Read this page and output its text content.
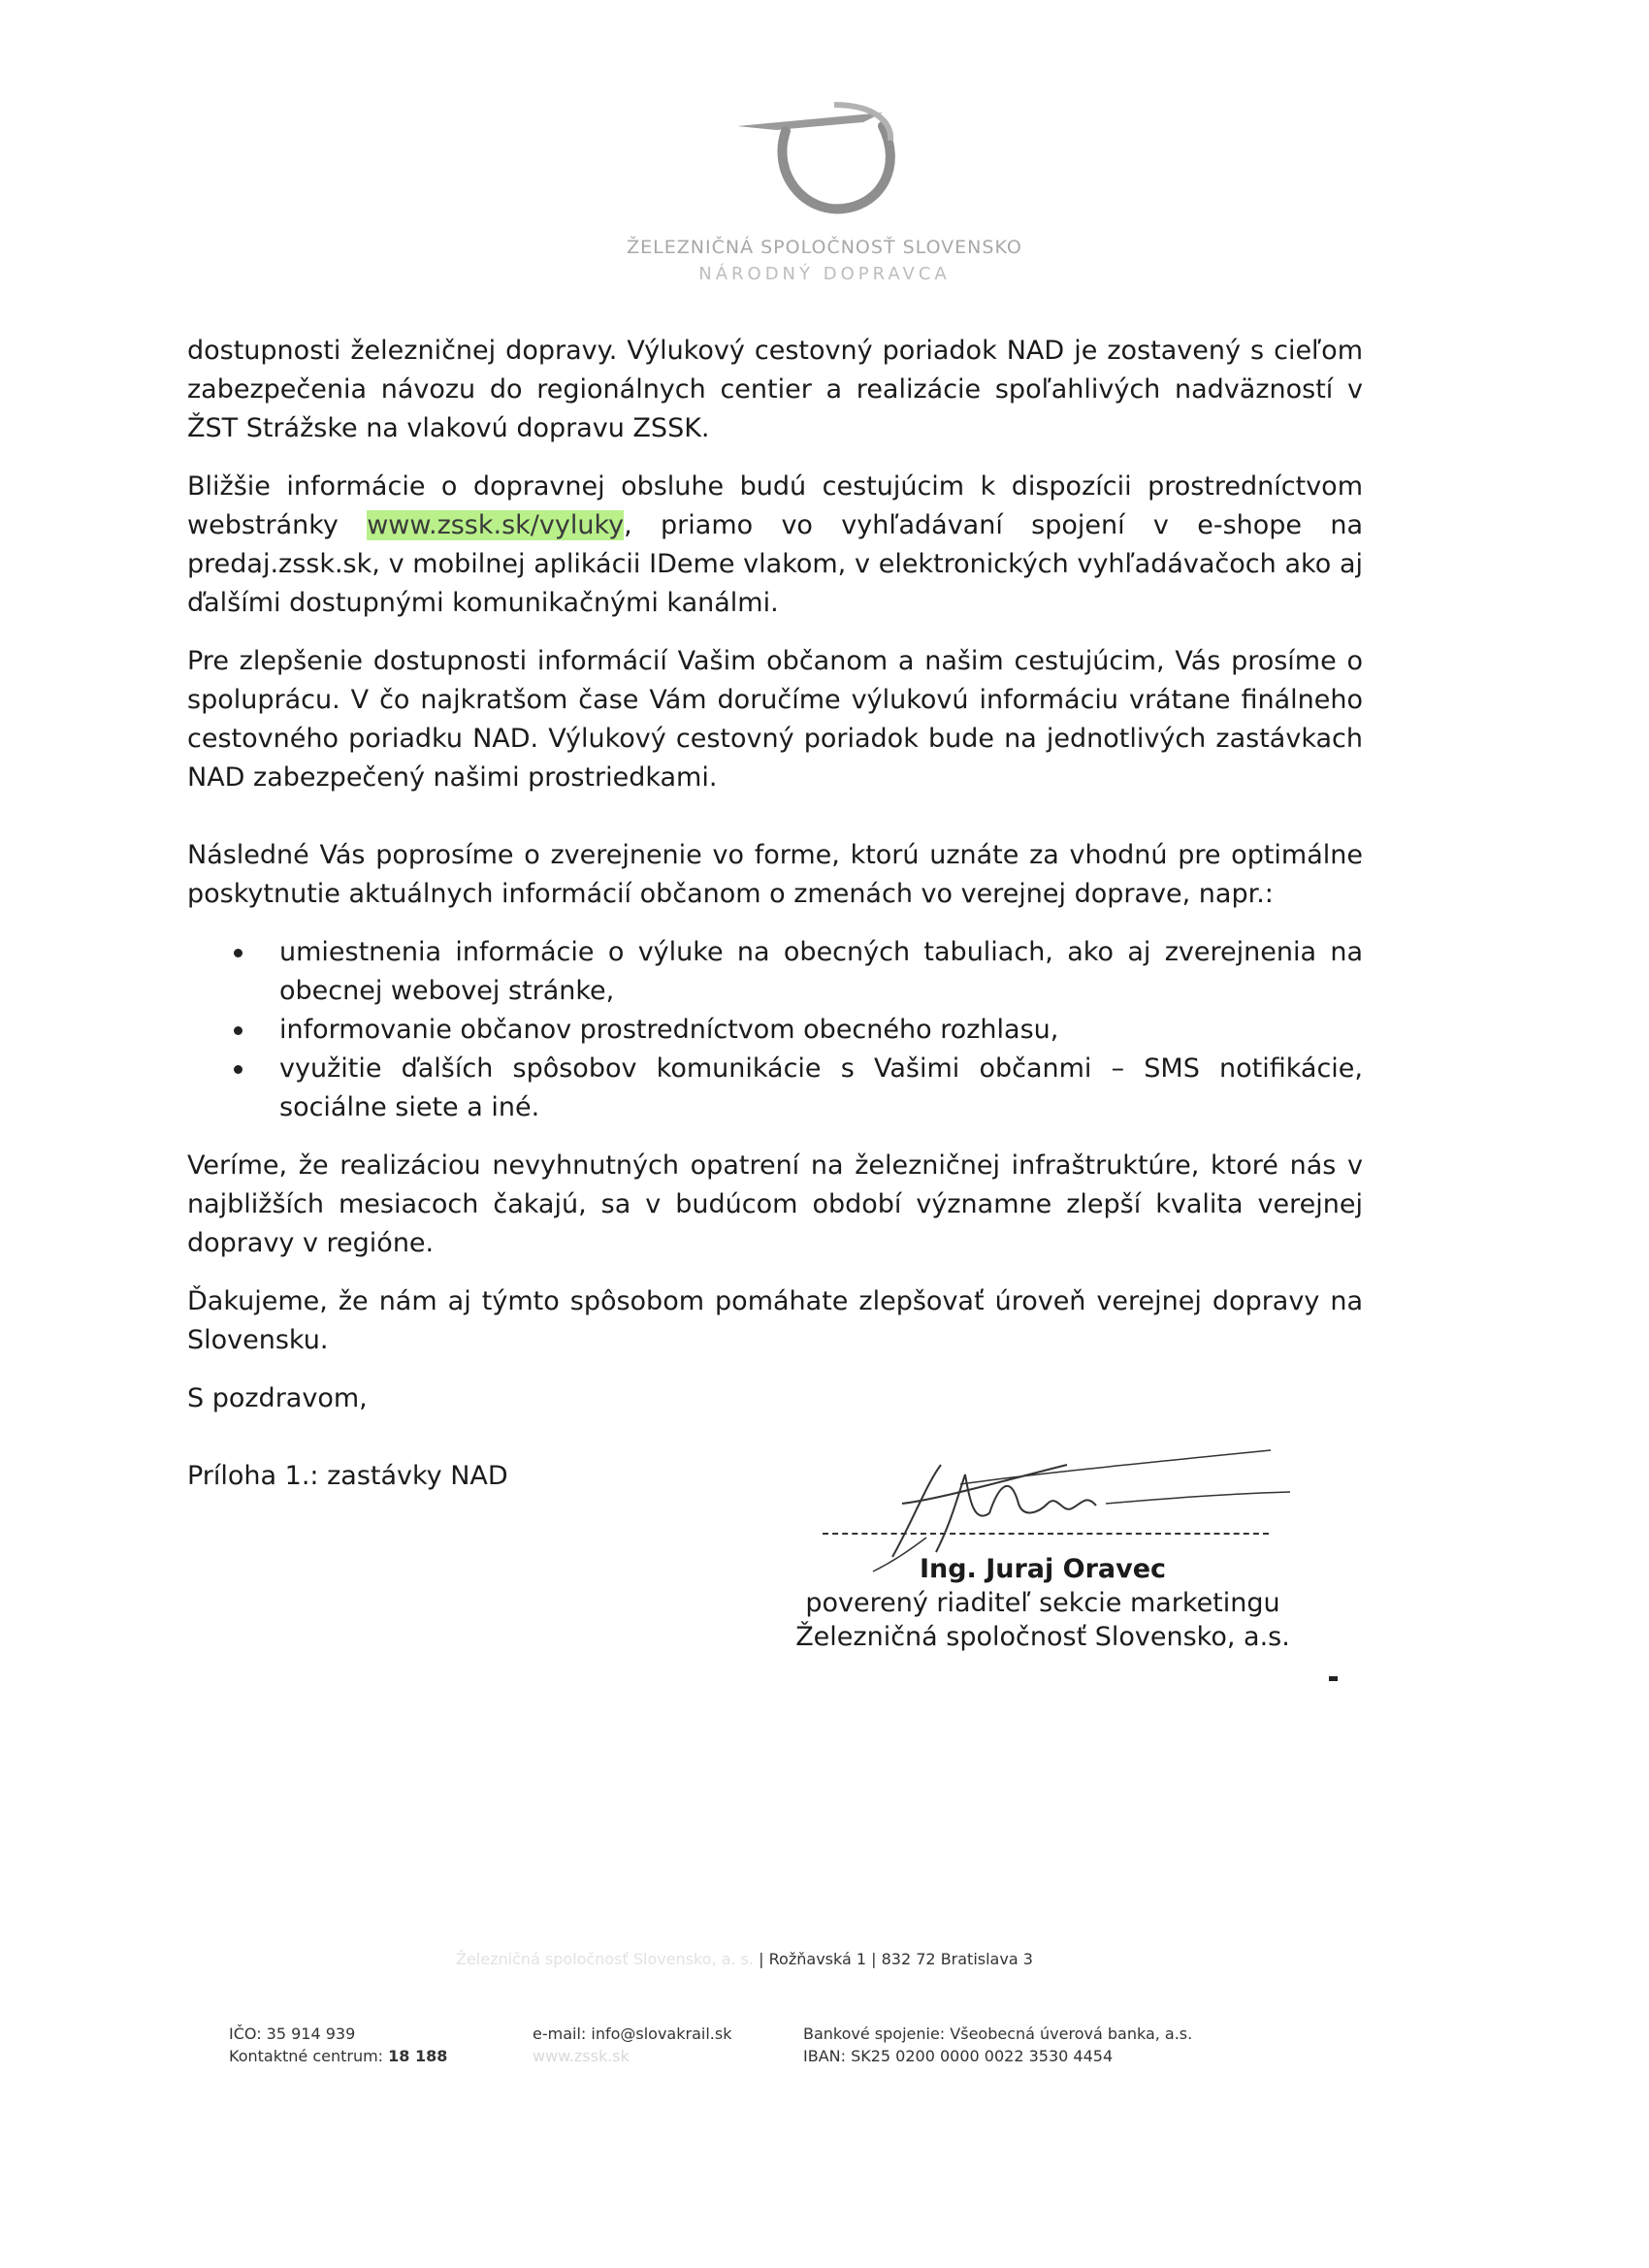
ŽELEZNIČNÁ SPOLOČNOSŤ SLOVENSKO
NÁRODNÝ DOPRAVCA

dostupnosti železničnej dopravy. Výlukový cestovný poriadok NAD je zostavený s cieľom zabezpečenia návozu do regionálnych centier a realizácie spoľahlivých nadväzností v ŽST Strážske na vlakovú dopravu ZSSK.

Bližšie informácie o dopravnej obsluhe budú cestujúcim k dispozícii prostredníctvom webstránky www.zssk.sk/vyluky, priamo vo vyhľadávaní spojení v e-shope na predaj.zssk.sk, v mobilnej aplikácii IDeme vlakom, v elektronických vyhľadávačoch ako aj ďalšími dostupnými komunikačnými kanálmi.

Pre zlepšenie dostupnosti informácií Vašim občanom a našim cestujúcim, Vás prosíme o spoluprácu. V čo najkratšom čase Vám doručíme výlukovú informáciu vrátane finálneho cestovného poriadku NAD. Výlukový cestovný poriadok bude na jednotlivých zastávkach NAD zabezpečený našimi prostriedkami.

Následné Vás poprosíme o zverejnenie vo forme, ktorú uznáte za vhodnú pre optimálne poskytnutie aktuálnych informácií občanom o zmenách vo verejnej doprave, napr.:

umiestnenia informácie o výluke na obecných tabuliach, ako aj zverejnenia na obecnej webovej stránke,
informovanie občanov prostredníctvom obecného rozhlasu,
využitie ďalších spôsobov komunikácie s Vašimi občanmi – SMS notifikácie, sociálne siete a iné.

Veríme, že realizáciou nevyhnutných opatrení na železničnej infraštruktúre, ktoré nás v najbližších mesiacoch čakajú, sa v budúcom období významne zlepší kvalita verejnej dopravy v regióne.

Ďakujeme, že nám aj týmto spôsobom pomáhate zlepšovať úroveň verejnej dopravy na Slovensku.

S pozdravom,

Príloha 1.: zastávky NAD

Ing. Juraj Oravec
poverený riaditeľ sekcie marketingu
Železničná spoločnosť Slovensko, a.s.
Železničná spoločnosť Slovensko, a. s. | Rožňavská 1 | 832 72 Bratislava 3
IČO: 35 914 939
Kontaktné centrum: 18 188
e-mail: info@slovakrail.sk
www.zssk.sk
Bankové spojenie: Všeobecná úverová banka, a.s.
IBAN: SK25 0200 0000 0022 3530 4454
